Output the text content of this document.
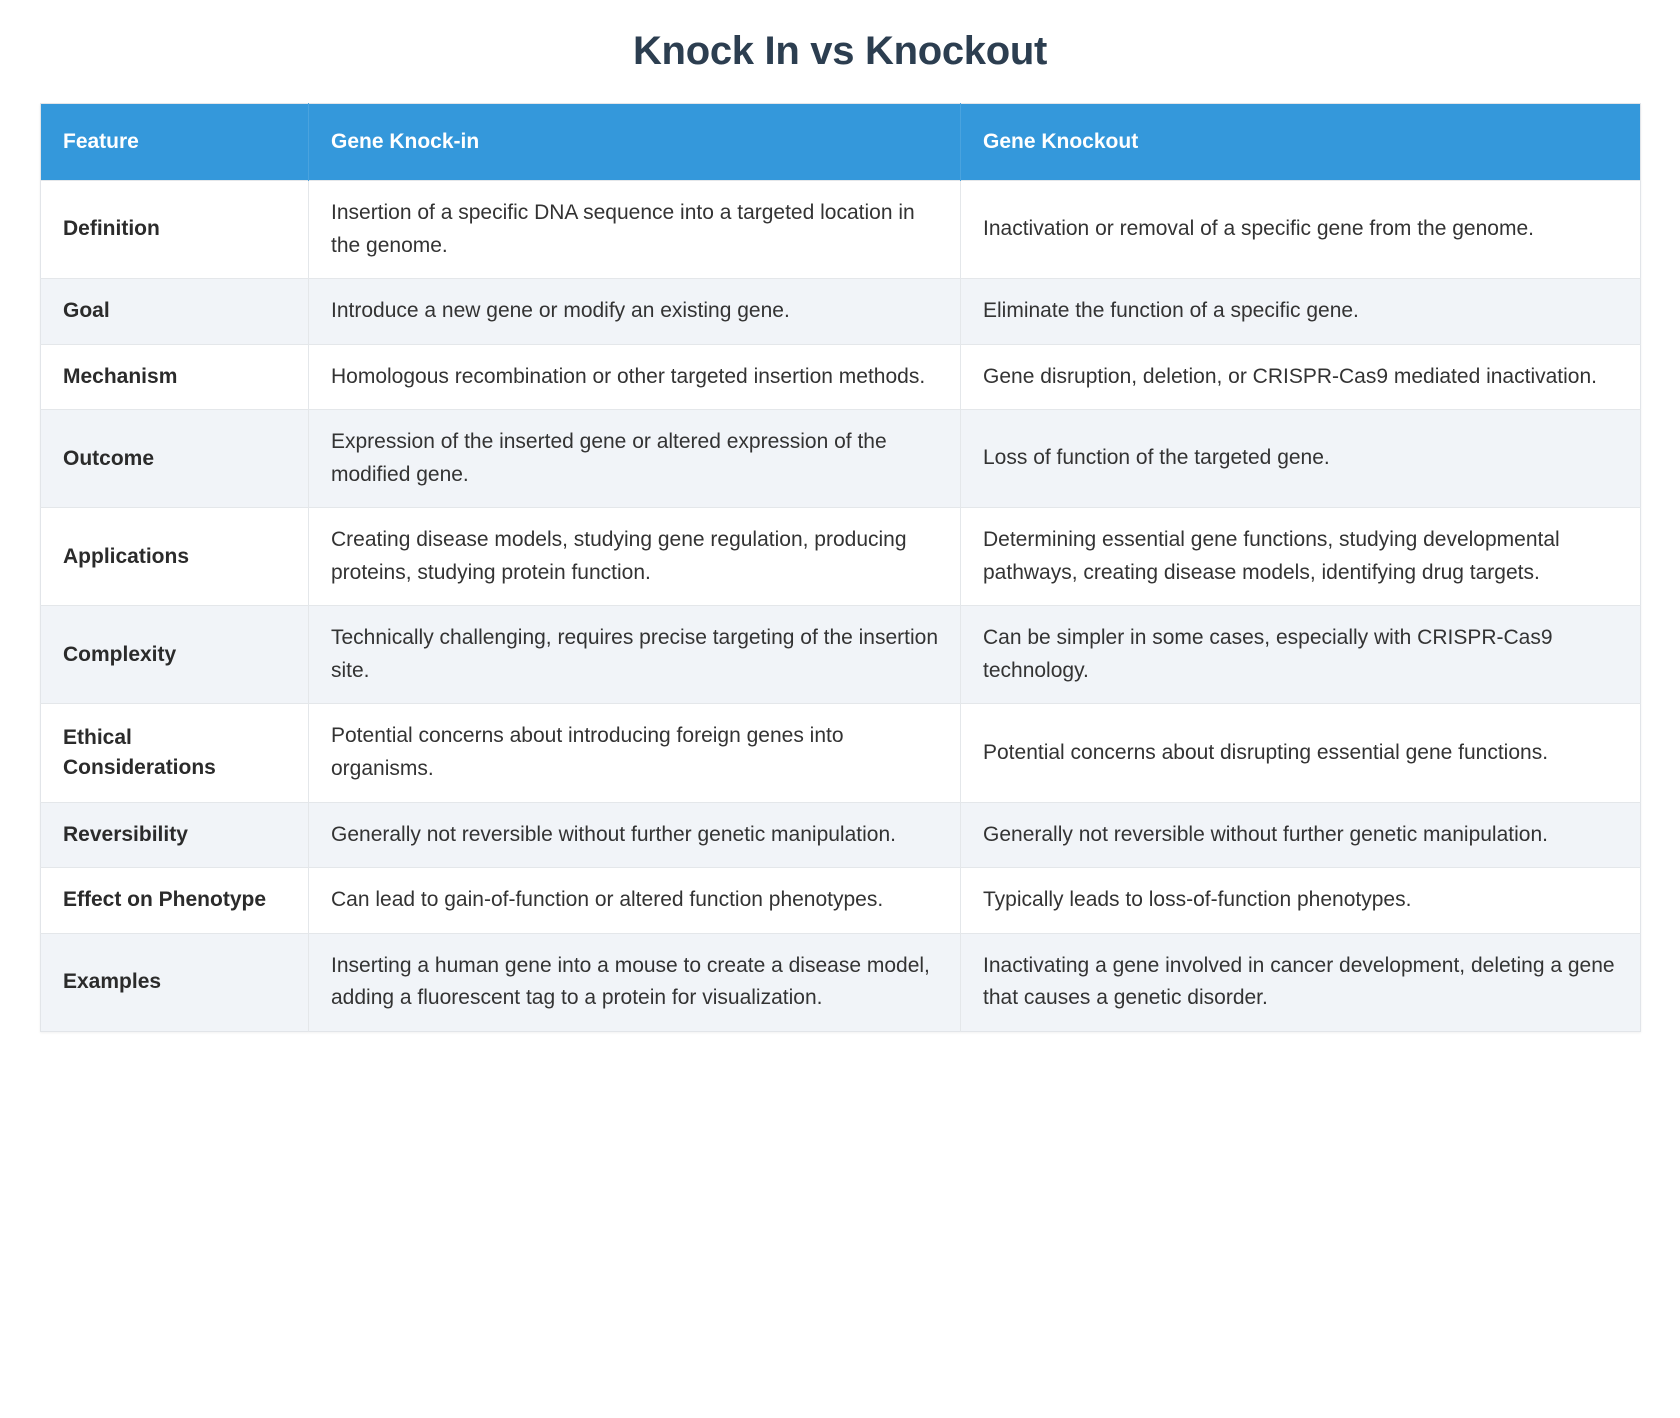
Knock In vs Knockout
Feature	Gene Knock-in	Gene Knockout
Definition	Insertion of a specific DNA sequence into a targeted location in the genome.	Inactivation or removal of a specific gene from the genome.
Goal	Introduce a new gene or modify an existing gene.	Eliminate the function of a specific gene.
Mechanism	Homologous recombination or other targeted insertion methods.	Gene disruption, deletion, or CRISPR-Cas9 mediated inactivation.
Outcome	Expression of the inserted gene or altered expression of the modified gene.	Loss of function of the targeted gene.
Applications	Creating disease models, studying gene regulation, producing proteins, studying protein function.	Determining essential gene functions, studying developmental pathways, creating disease models, identifying drug targets.
Complexity	Technically challenging, requires precise targeting of the insertion site.	Can be simpler in some cases, especially with CRISPR-Cas9 technology.
Ethical Considerations	Potential concerns about introducing foreign genes into organisms.	Potential concerns about disrupting essential gene functions.
Reversibility	Generally not reversible without further genetic manipulation.	Generally not reversible without further genetic manipulation.
Effect on Phenotype	Can lead to gain-of-function or altered function phenotypes.	Typically leads to loss-of-function phenotypes.
Examples	Inserting a human gene into a mouse to create a disease model, adding a fluorescent tag to a protein for visualization.	Inactivating a gene involved in cancer development, deleting a gene that causes a genetic disorder.
